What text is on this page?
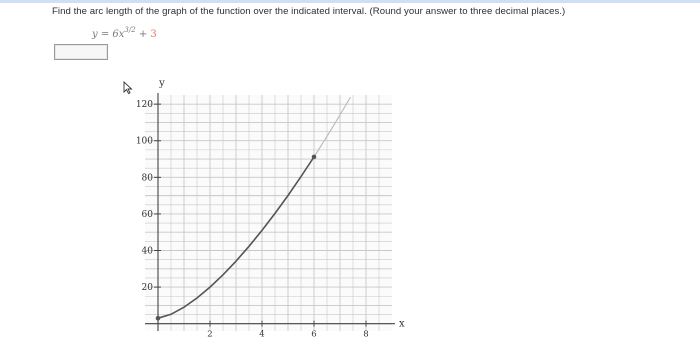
Find the arc length of the graph of the function over the indicated interval. (Round your answer to three decimal places.)
$y = 6x^{3/2} + 3$
20
40
60
80
100
120
2	4	6	8
y
x
